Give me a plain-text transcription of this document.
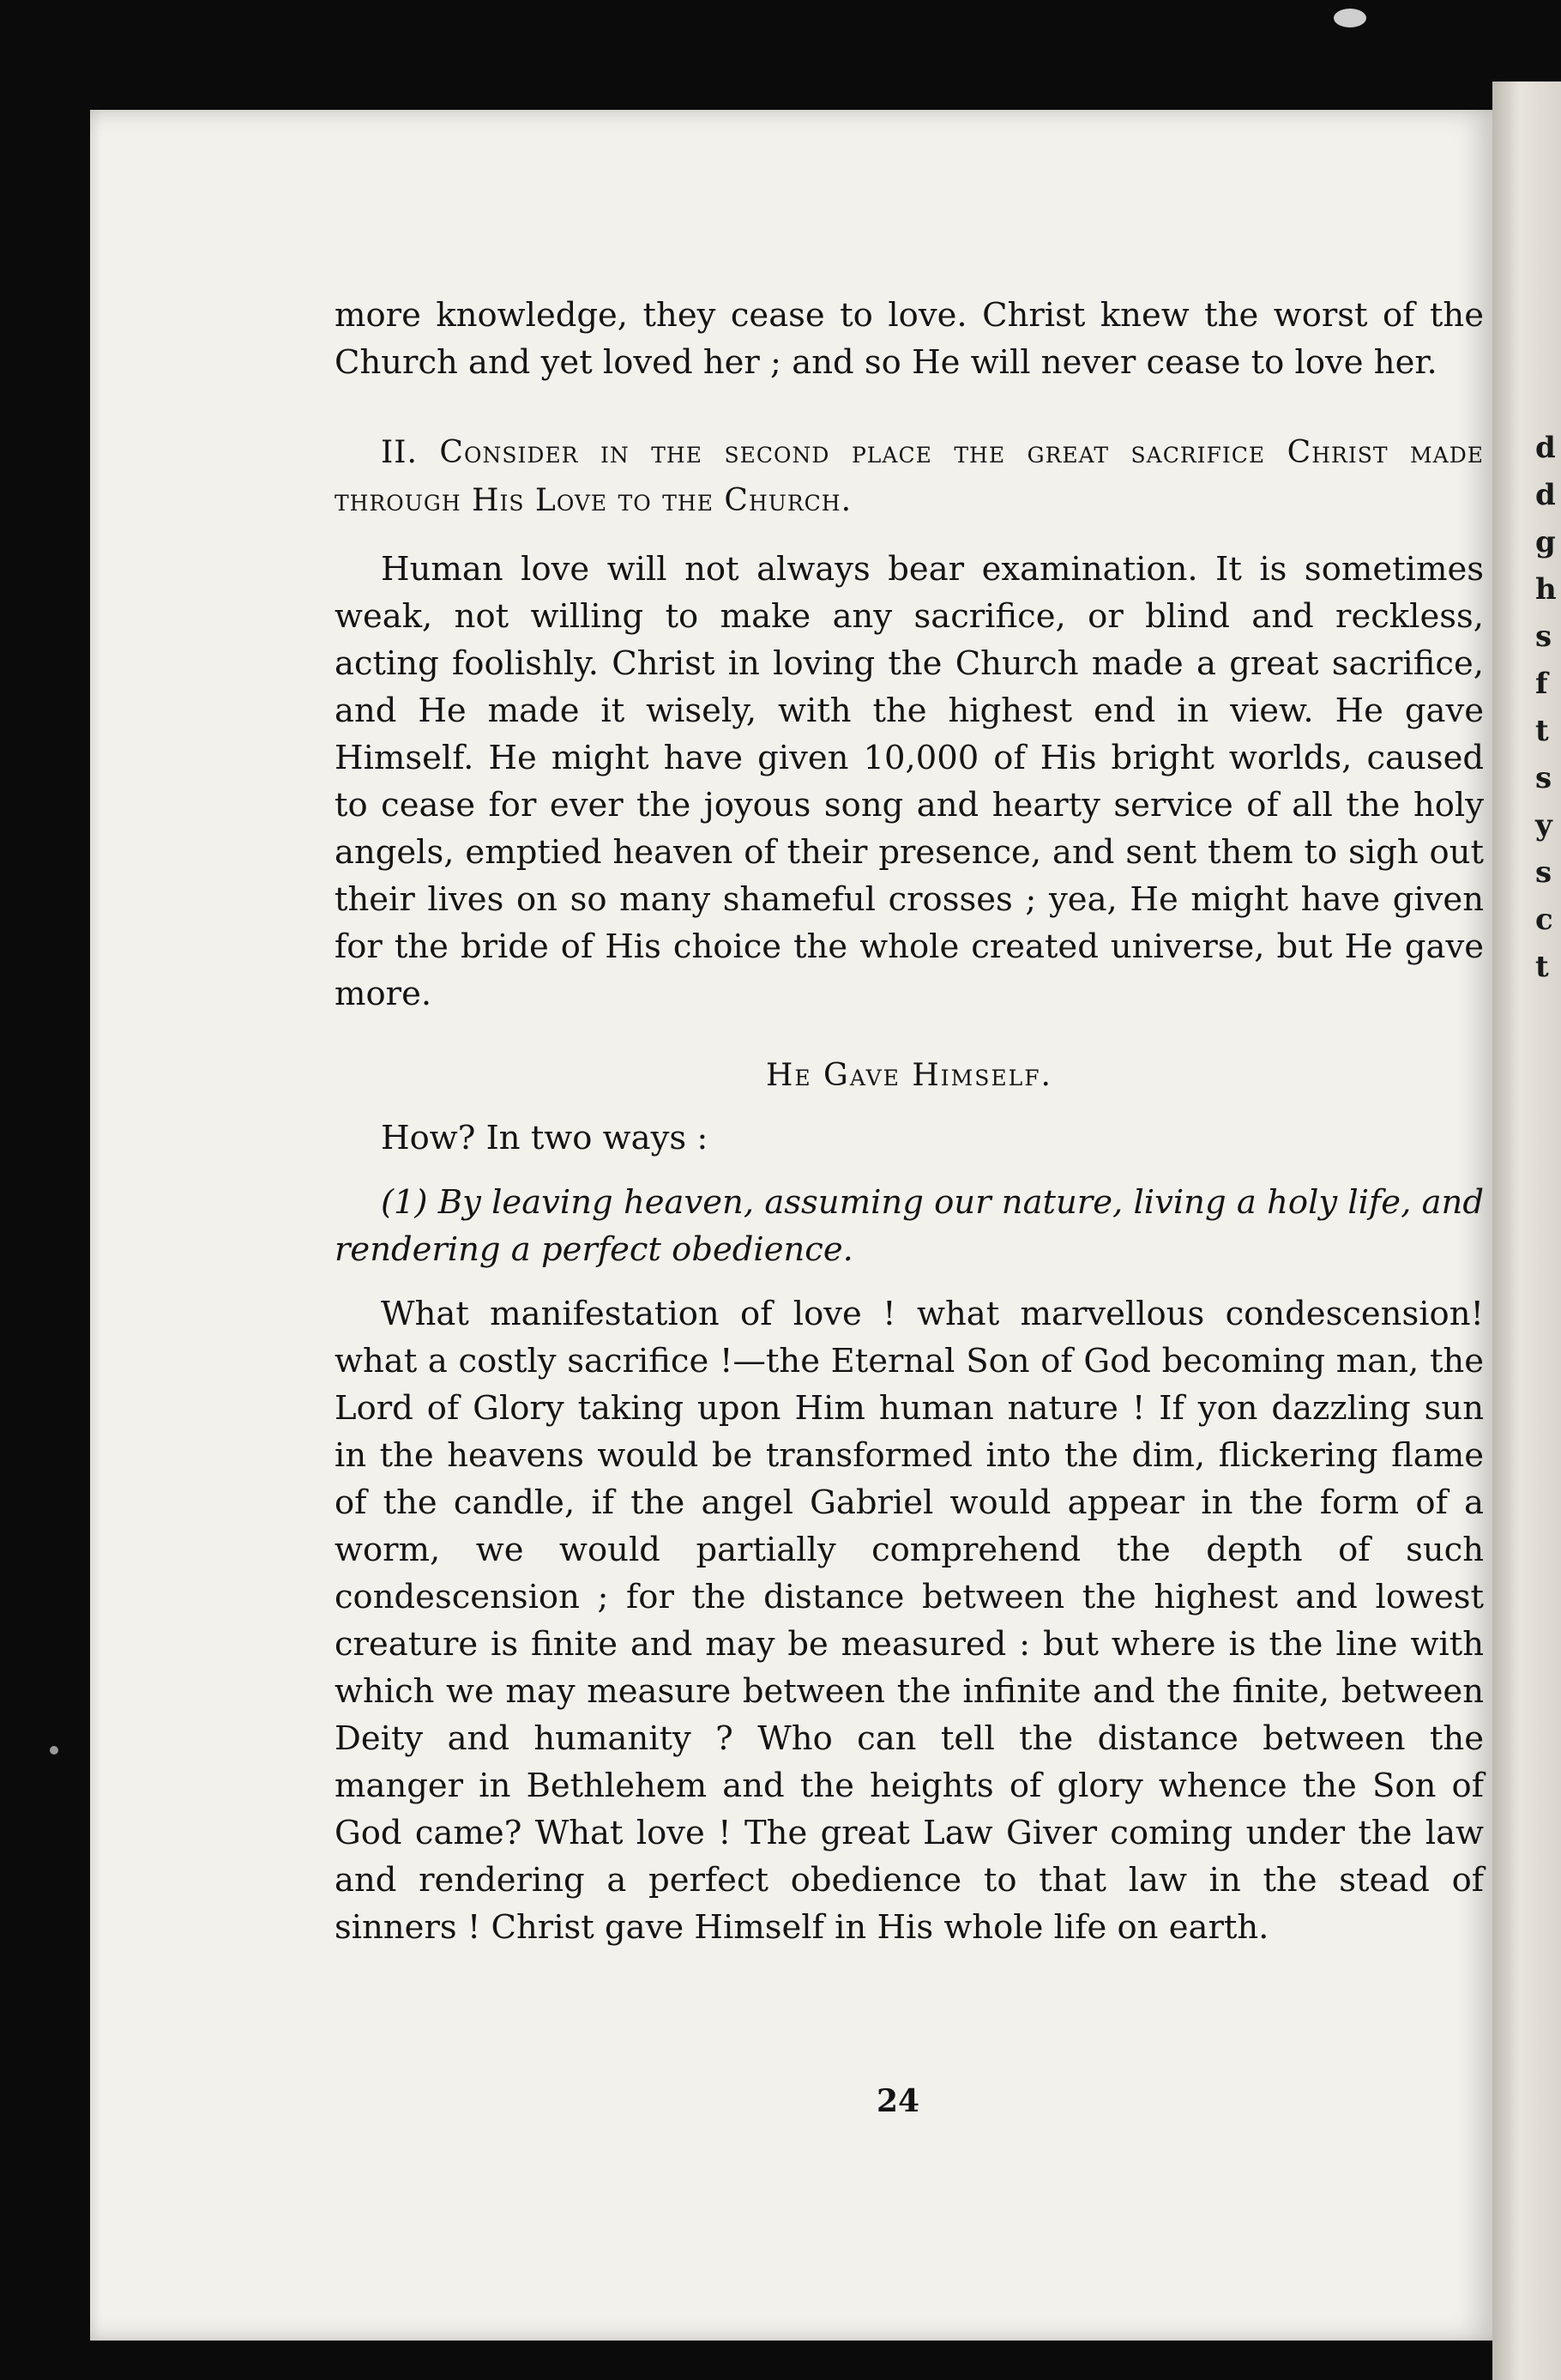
d
d
g
h
s
f
t
s
y
s
c
t

more knowledge, they cease to love. Christ knew the worst of the Church and yet loved her ; and so He will never cease to love her.

II. Consider in the second place the great sacrifice Christ made through His Love to the Church.

Human love will not always bear examination. It is sometimes weak, not willing to make any sacrifice, or blind and reckless, acting foolishly. Christ in loving the Church made a great sacrifice, and He made it wisely, with the highest end in view. He gave Himself. He might have given 10,000 of His bright worlds, caused to cease for ever the joyous song and hearty service of all the holy angels, emptied heaven of their presence, and sent them to sigh out their lives on so many shameful crosses ; yea, He might have given for the bride of His choice the whole created universe, but He gave more.

He Gave Himself.

How? In two ways :

(1) By leaving heaven, assuming our nature, living a holy life, and rendering a perfect obedience.

What manifestation of love ! what marvellous condescension! what a costly sacrifice !—the Eternal Son of God becoming man, the Lord of Glory taking upon Him human nature ! If yon dazzling sun in the heavens would be transformed into the dim, flickering flame of the candle, if the angel Gabriel would appear in the form of a worm, we would partially comprehend the depth of such condescension ; for the distance between the highest and lowest creature is finite and may be measured : but where is the line with which we may measure between the infinite and the finite, between Deity and humanity ? Who can tell the distance between the manger in Bethlehem and the heights of glory whence the Son of God came? What love ! The great Law Giver coming under the law and rendering a perfect obedience to that law in the stead of sinners ! Christ gave Himself in His whole life on earth.

24
